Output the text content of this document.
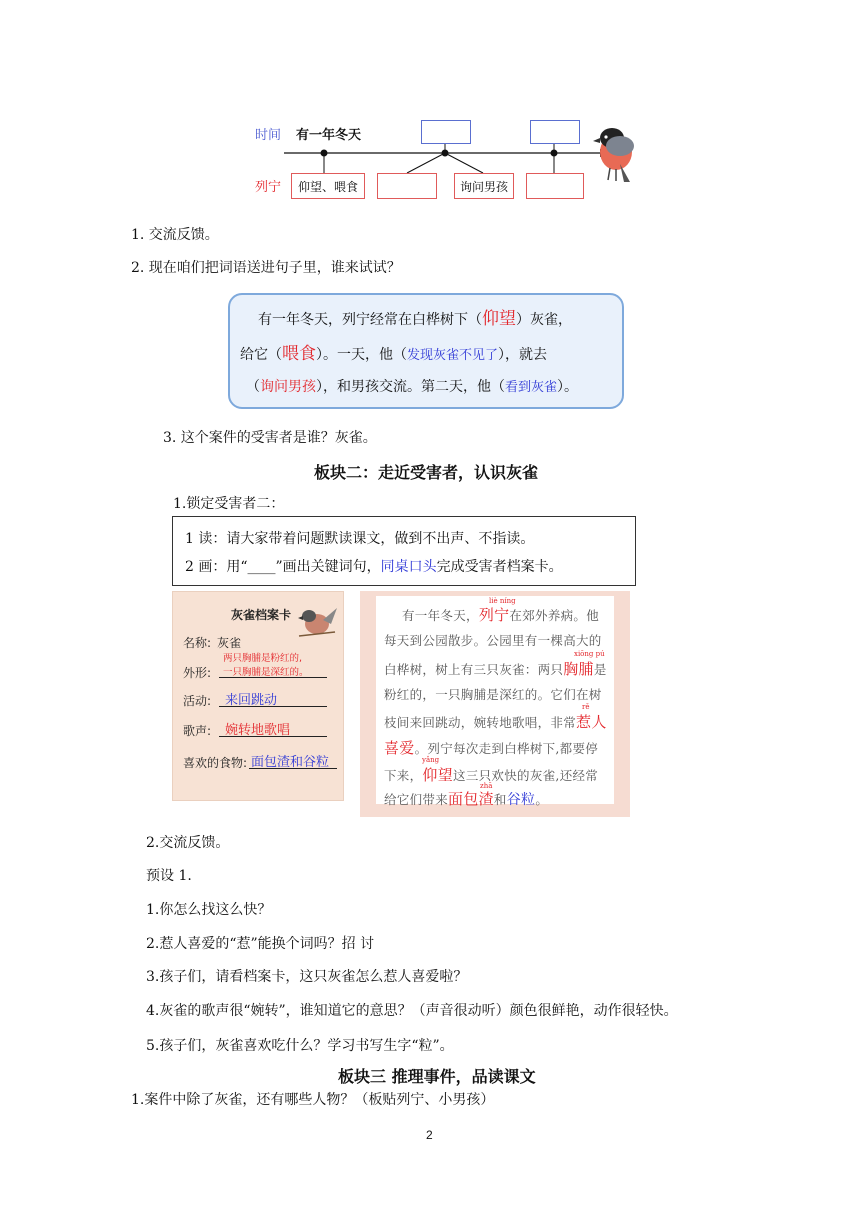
时间 有一年冬天
列宁	仰望、喂食	询问男孩
1. 交流反馈。
2. 现在咱们把词语送进句子里，谁来试试？
有一年冬天，列宁经常在白桦树下（仰望）灰雀，
给它（喂食）。一天，他（发现灰雀不见了），就去
（询问男孩），和男孩交流。第二天，他（看到灰雀）。
3. 这个案件的受害者是谁？灰雀。
板块二：走近受害者，认识灰雀
1.锁定受害者二：
1 读：请大家带着问题默读课文，做到不出声、不指读。
2 画：用“____”画出关键词句，同桌口头完成受害者档案卡。
灰雀档案卡
名称: 灰雀
外形:
两只胸脯是粉红的,
一只胸脯是深红的。
活动: 来回跳动
歌声: 婉转地歌唱
喜欢的食物: 面包渣和谷粒
liè níng
有一年冬天，列宁在郊外养病。他
每天到公园散步。公园里有一棵高大的
xiōng pú
白桦树，树上有三只灰雀：两只胸脯是
粉红的，一只胸脯是深红的。它们在树
rě
枝间来回跳动，婉转地歌唱，非常惹人
喜爱。列宁每次走到白桦树下,都要停
yǎng
下来，仰望这三只欢快的灰雀,还经常
zhā
给它们带来面包渣和谷粒。
2.交流反馈。
预设 1.
1.你怎么找这么快？
2.惹人喜爱的“惹”能换个词吗？招 讨
3.孩子们，请看档案卡，这只灰雀怎么惹人喜爱啦？
4.灰雀的歌声很“婉转”，谁知道它的意思？（声音很动听）颜色很鲜艳，动作很轻快。
5.孩子们，灰雀喜欢吃什么？学习书写生字“粒”。
板块三 推理事件，品读课文
1.案件中除了灰雀，还有哪些人物？（板贴列宁、小男孩）
2
